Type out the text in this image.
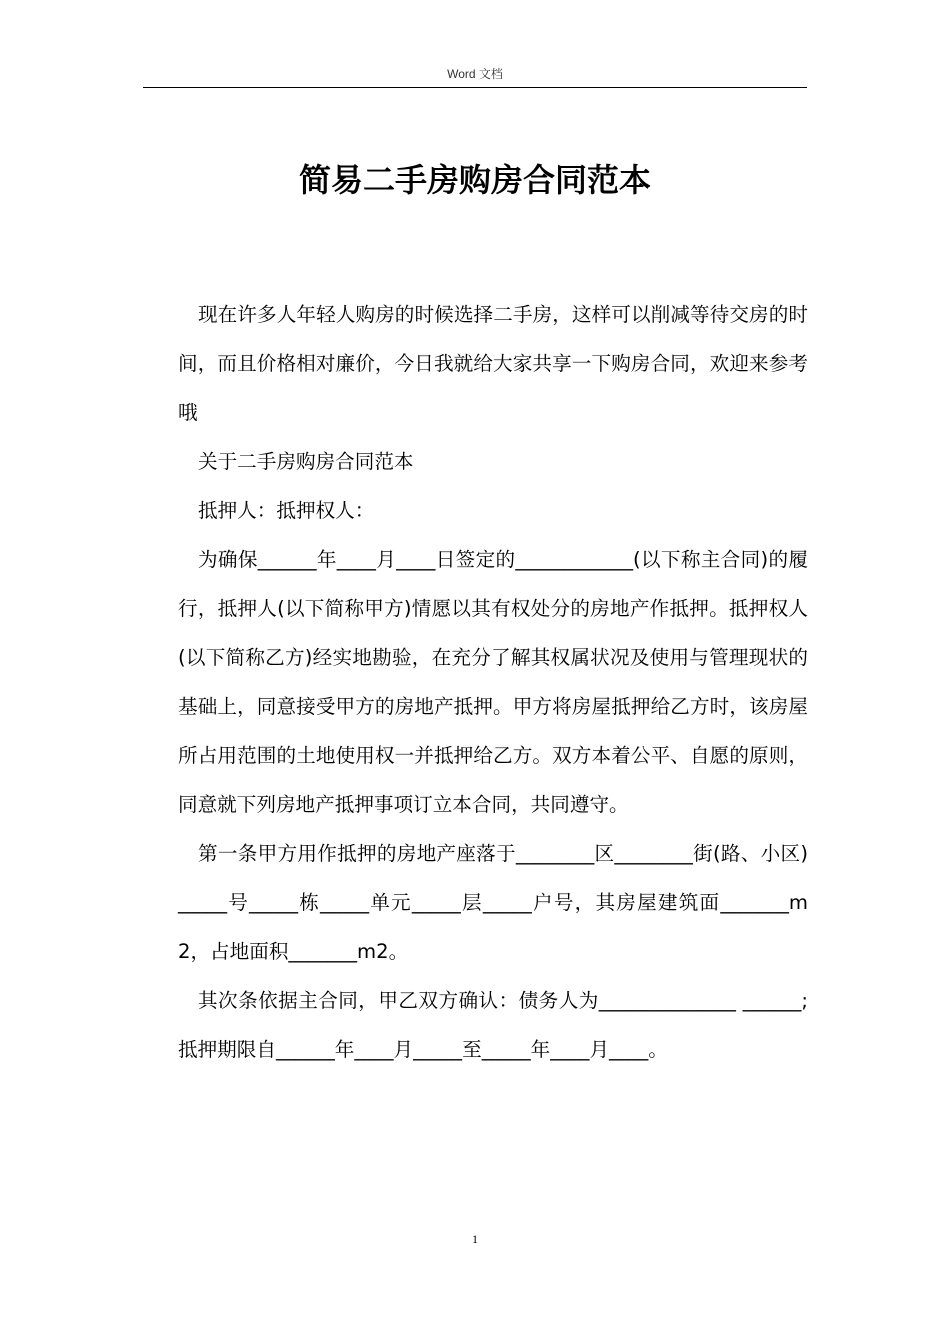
Word 文档
简易二手房购房合同范本

现在许多人年轻人购房的时候选择二手房，这样可以削减等待交房的时间，而且价格相对廉价，今日我就给大家共享一下购房合同，欢迎来参考哦

关于二手房购房合同范本

抵押人：抵押权人：

为确保______年____月____日签定的____________(以下称主合同)的履行，抵押人(以下简称甲方)情愿以其有权处分的房地产作抵押。抵押权人(以下简称乙方)经实地勘验，在充分了解其权属状况及使用与管理现状的基础上，同意接受甲方的房地产抵押。甲方将房屋抵押给乙方时，该房屋所占用范围的土地使用权一并抵押给乙方。双方本着公平、自愿的原则，同意就下列房地产抵押事项订立本合同，共同遵守。

第一条甲方用作抵押的房地产座落于________区________街(路、小区)_____号_____栋_____单元_____层_____户号，其房屋建筑面_______m2，占地面积_______m2。

其次条依据主合同，甲乙双方确认：债务人为______________ ______;抵押期限自______年____月_____至_____年____月____。

1
